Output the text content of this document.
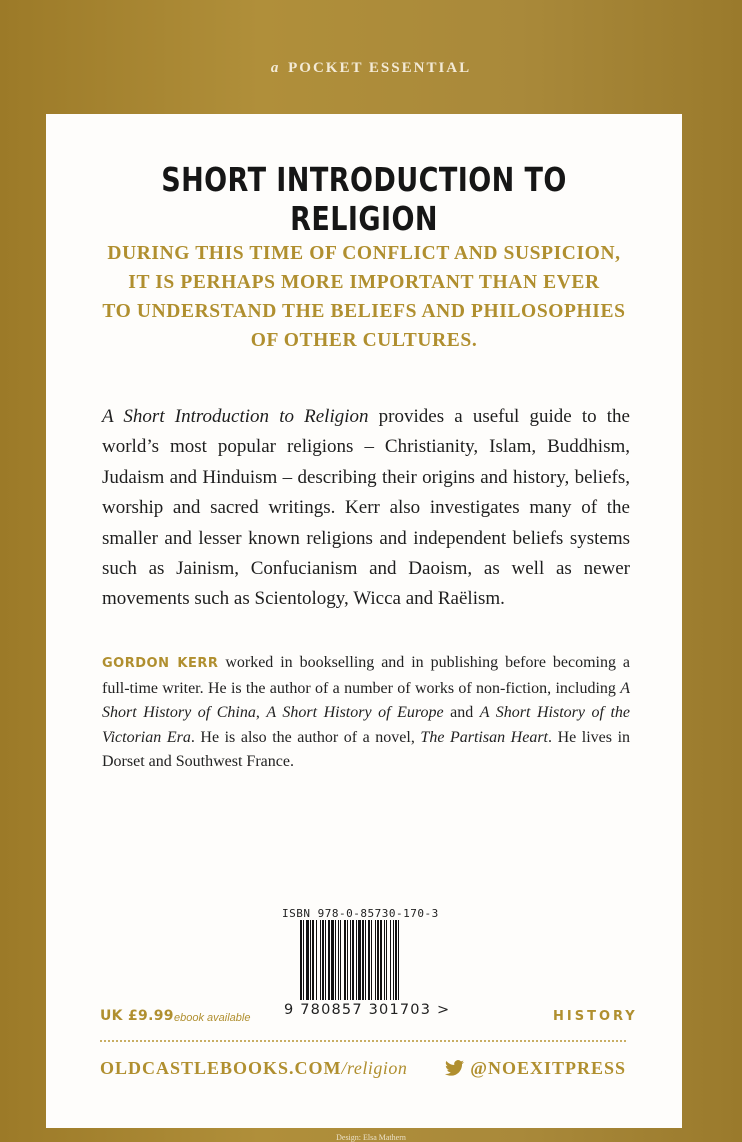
a POCKET ESSENTIAL
SHORT INTRODUCTION TO RELIGION
DURING THIS TIME OF CONFLICT AND SUSPICION,
IT IS PERHAPS MORE IMPORTANT THAN EVER
TO UNDERSTAND THE BELIEFS AND PHILOSOPHIES
OF OTHER CULTURES.
A Short Introduction to Religion provides a useful guide to the world’s most popular religions – Christianity, Islam, Buddhism, Judaism and Hinduism – describing their origins and history, beliefs, worship and sacred writings. Kerr also investigates many of the smaller and lesser known religions and independent beliefs systems such as Jainism, Confucianism and Daoism, as well as newer movements such as Scientology, Wicca and Raëlism.
GORDON KERR worked in bookselling and in publishing before becoming a full-time writer. He is the author of a number of works of non-fiction, including A Short History of China, A Short History of Europe and A Short History of the Victorian Era. He is also the author of a novel, The Partisan Heart. He lives in Dorset and Southwest France.
ISBN 978-0-85730-170-3
9 780857 301703 >
UK £9.99 ebook available	HISTORY
OLDCASTLEBOOKS.COM/religion	@NOEXITPRESS
Design: Elsa Mathern
